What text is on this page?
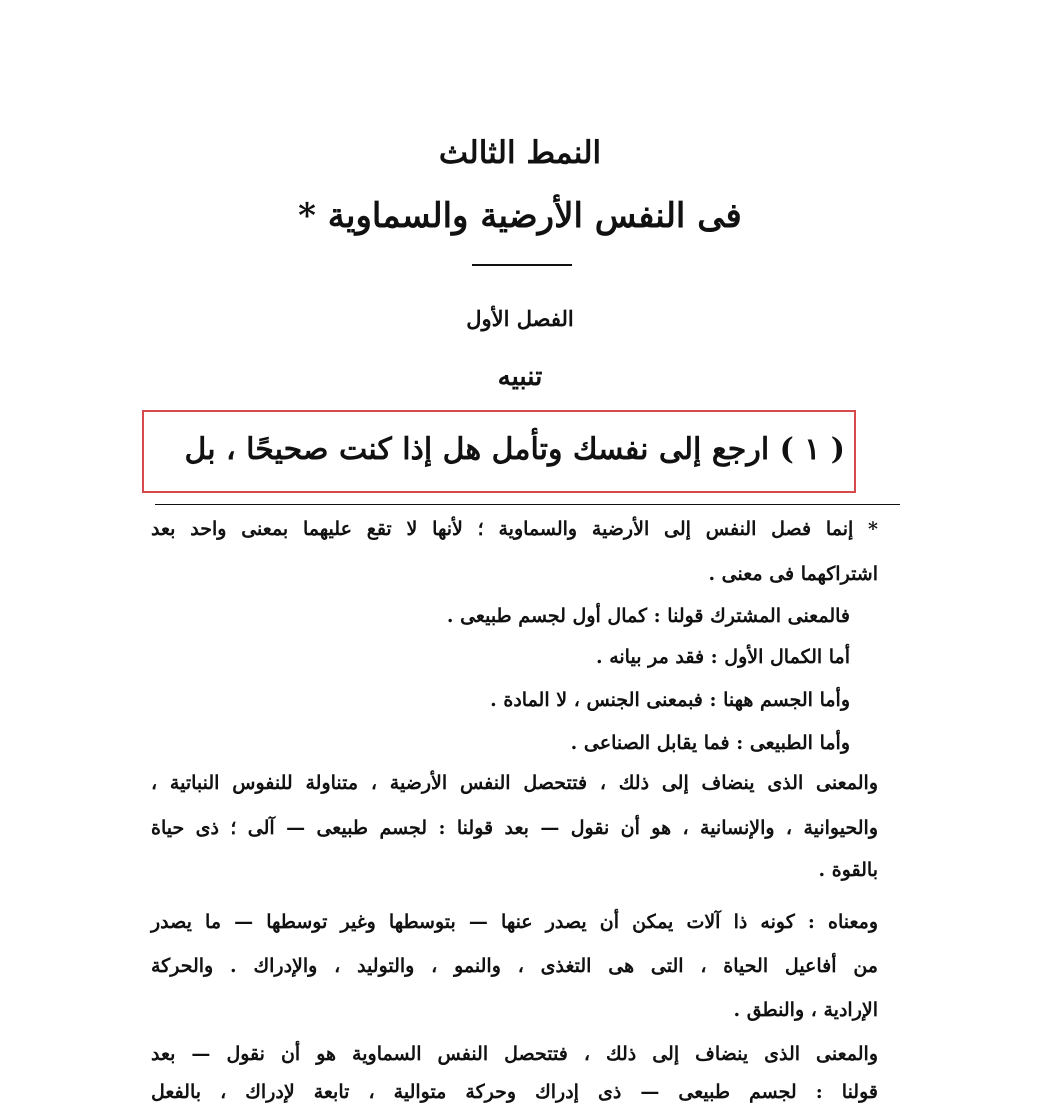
النمط الثالث
فى النفس الأرضية والسماوية *
الفصل الأول
تنبيه
( ١ ) ارجع إلى نفسك وتأمل هل إذا كنت صحيحًا ، بل
* إنما فصل النفس إلى الأرضية والسماوية ؛ لأنها لا تقع عليهما بمعنى واحد بعد
اشتراكهما فى معنى .
فالمعنى المشترك قولنا : كمال أول لجسم طبيعى .
أما الكمال الأول : فقد مر بيانه .
وأما الجسم ههنا : فبمعنى الجنس ، لا المادة .
وأما الطبيعى : فما يقابل الصناعى .
والمعنى الذى ينضاف إلى ذلك ، فتتحصل النفس الأرضية ، متناولة للنفوس النباتية ،
والحيوانية ، والإنسانية ، هو أن نقول — بعد قولنا : لجسم طبيعى — آلى ؛ ذى حياة
بالقوة .
ومعناه : كونه ذا آلات يمكن أن يصدر عنها — بتوسطها وغير توسطها — ما يصدر
من أفاعيل الحياة ، التى هى التغذى ، والنمو ، والتوليد ، والإدراك . والحركة
الإرادية ، والنطق .
والمعنى الذى ينضاف إلى ذلك ، فتتحصل النفس السماوية هو أن نقول — بعد
قولنا : لجسم طبيعى — ذى إدراك وحركة متوالية ، تابعة لإدراك ، بالفعل
